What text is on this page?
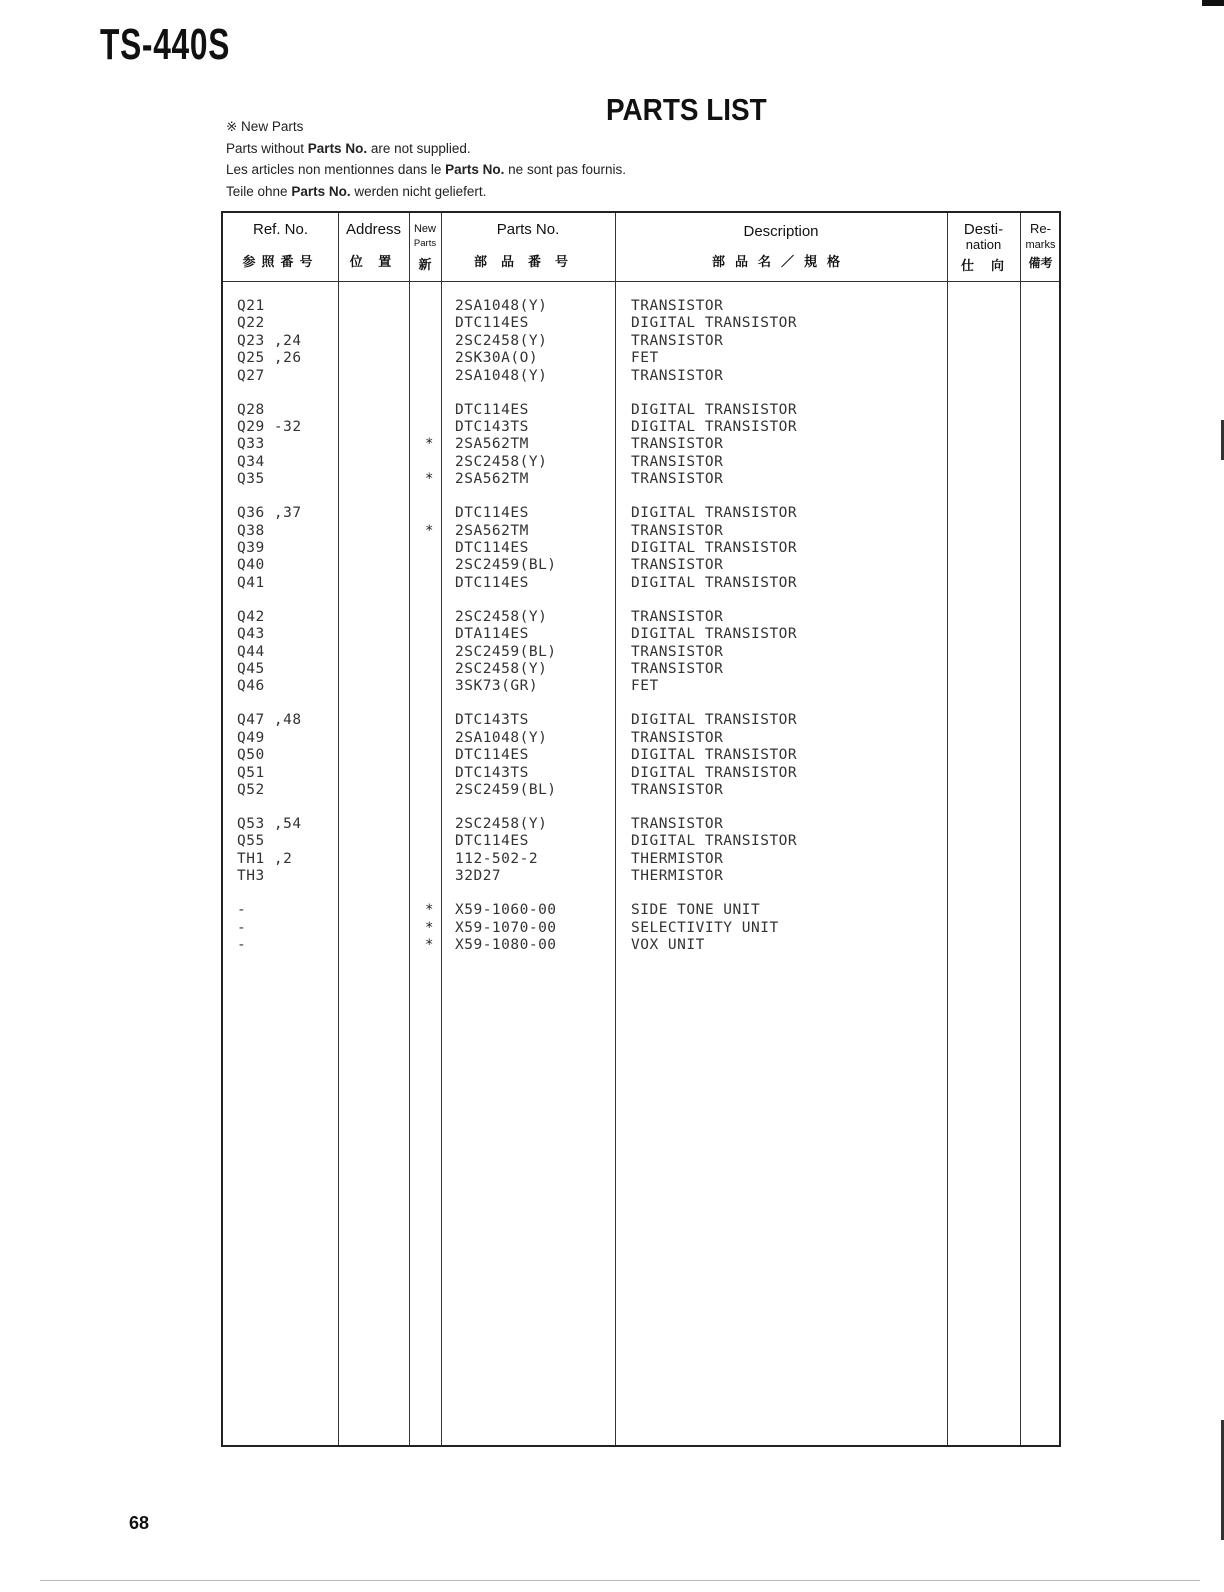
TS-440S
PARTS LIST
※ New Parts
Parts without Parts No. are not supplied.
Les articles non mentionnes dans le Parts No. ne sont pas fournis.
Teile ohne Parts No. werden nicht geliefert.
Ref. No.
参照番号
Address
位 置
New
Parts
新
Parts No.
部品番号
Description
部品名／規格
Desti-
nation
仕　向
Re-
marks
備考
Q21	2SA1048(Y)	TRANSISTOR
Q22	DTC114ES	DIGITAL TRANSISTOR
Q23 ,24	2SC2458(Y)	TRANSISTOR
Q25 ,26	2SK30A(O)	FET
Q27	2SA1048(Y)	TRANSISTOR
Q28	DTC114ES	DIGITAL TRANSISTOR
Q29 -32	DTC143TS	DIGITAL TRANSISTOR
Q33	* 2SA562TM	TRANSISTOR
Q34	2SC2458(Y)	TRANSISTOR
Q35	* 2SA562TM	TRANSISTOR
Q36 ,37	DTC114ES	DIGITAL TRANSISTOR
Q38	* 2SA562TM	TRANSISTOR
Q39	DTC114ES	DIGITAL TRANSISTOR
Q40	2SC2459(BL)	TRANSISTOR
Q41	DTC114ES	DIGITAL TRANSISTOR
Q42	2SC2458(Y)	TRANSISTOR
Q43	DTA114ES	DIGITAL TRANSISTOR
Q44	2SC2459(BL)	TRANSISTOR
Q45	2SC2458(Y)	TRANSISTOR
Q46	3SK73(GR)	FET
Q47 ,48	DTC143TS	DIGITAL TRANSISTOR
Q49	2SA1048(Y)	TRANSISTOR
Q50	DTC114ES	DIGITAL TRANSISTOR
Q51	DTC143TS	DIGITAL TRANSISTOR
Q52	2SC2459(BL)	TRANSISTOR
Q53 ,54	2SC2458(Y)	TRANSISTOR
Q55	DTC114ES	DIGITAL TRANSISTOR
TH1 ,2	112-502-2	THERMISTOR
TH3	32D27	THERMISTOR
-	* X59-1060-00	SIDE TONE UNIT
-	* X59-1070-00	SELECTIVITY UNIT
-	* X59-1080-00	VOX UNIT
68
